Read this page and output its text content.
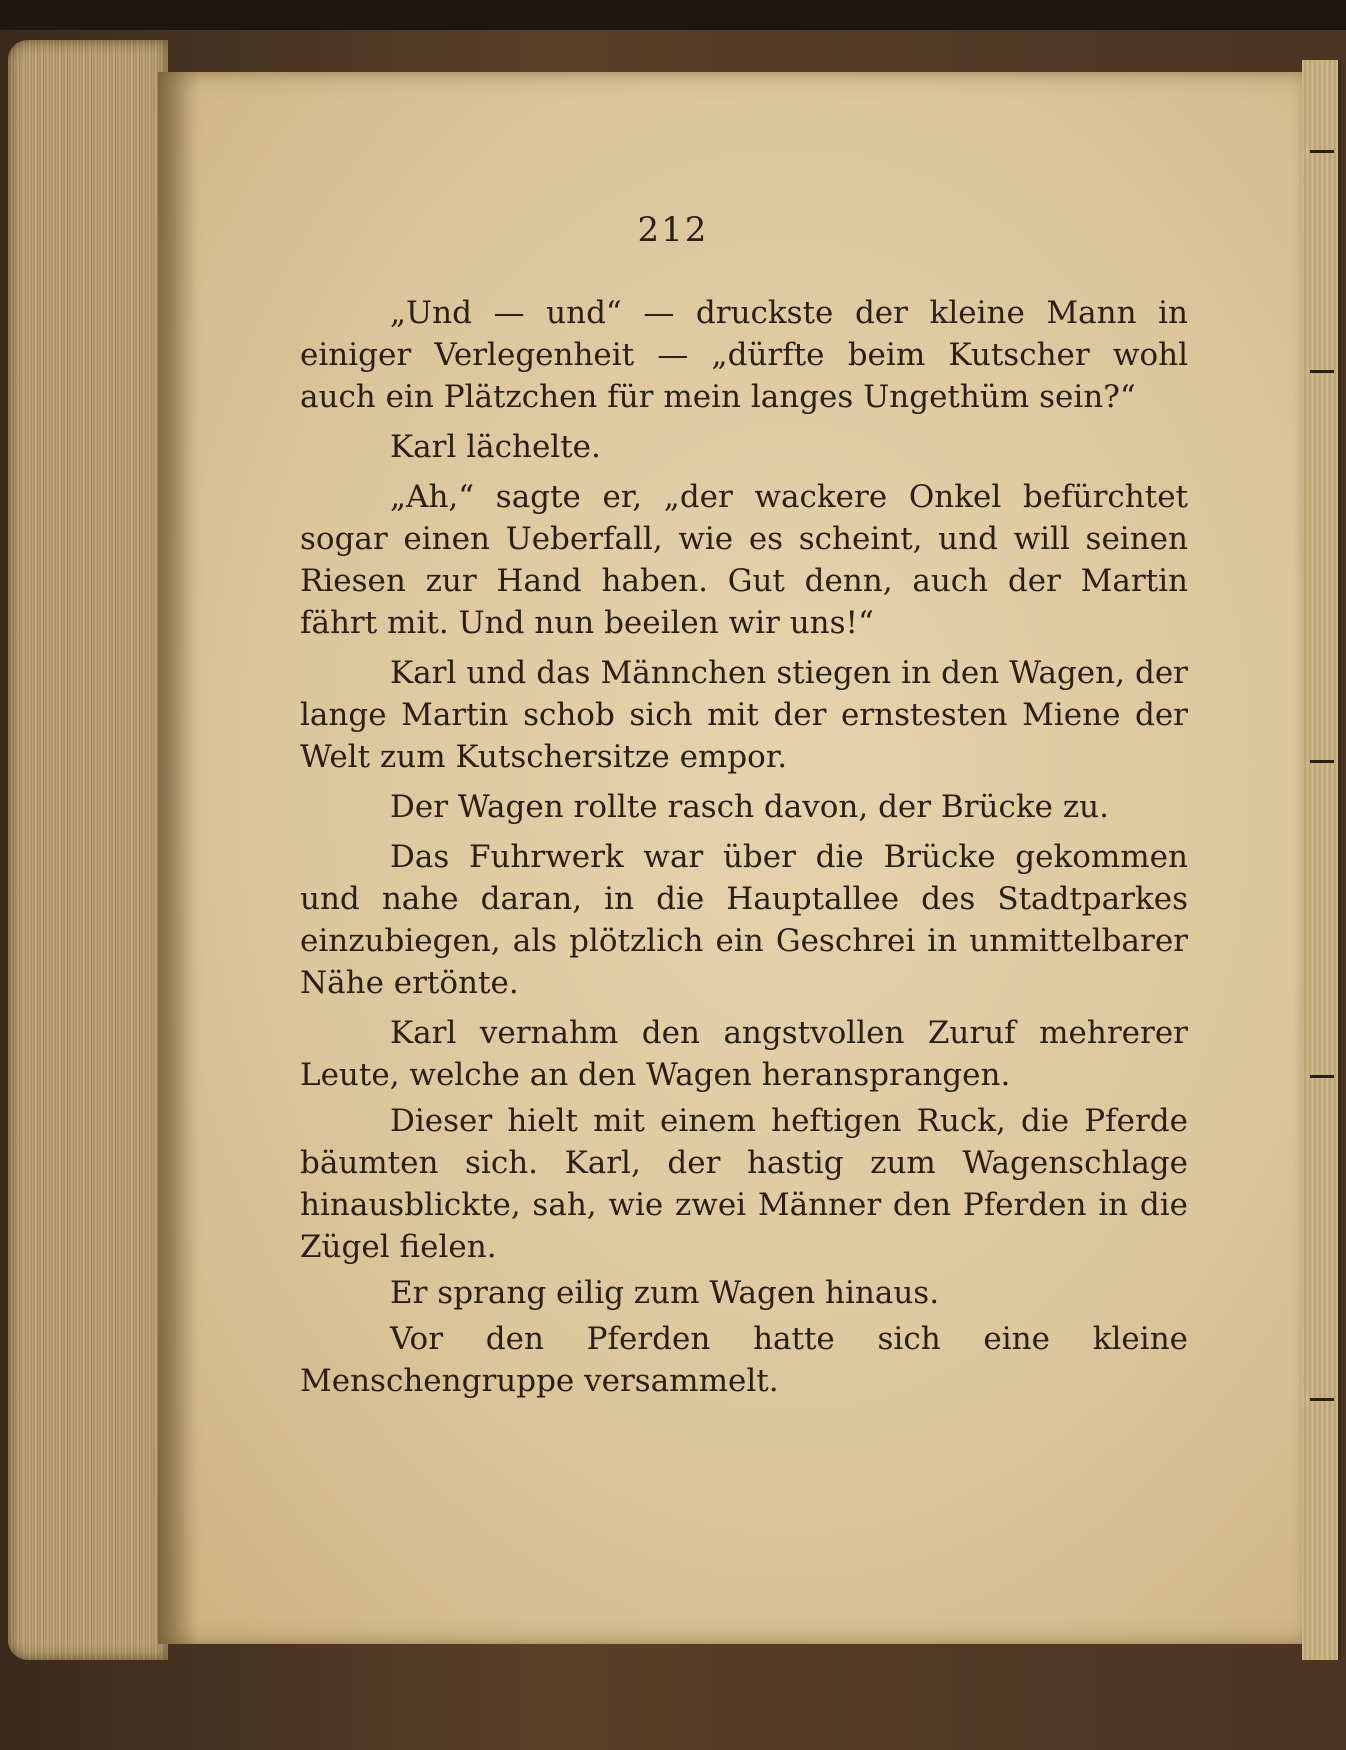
212

„Und — und“ — druckste der kleine Mann in einiger Verlegenheit — „dürfte beim Kutscher wohl auch ein Plätzchen für mein langes Ungethüm sein?“

Karl lächelte.

„Ah,“ sagte er, „der wackere Onkel befürchtet sogar einen Ueberfall, wie es scheint, und will seinen Riesen zur Hand haben. Gut denn, auch der Martin fährt mit. Und nun beeilen wir uns!“

Karl und das Männchen stiegen in den Wagen, der lange Martin schob sich mit der ernstesten Miene der Welt zum Kutschersitze empor.

Der Wagen rollte rasch davon, der Brücke zu.

Das Fuhrwerk war über die Brücke gekommen und nahe daran, in die Hauptallee des Stadtparkes einzubiegen, als plötzlich ein Geschrei in unmittelbarer Nähe ertönte.

Karl vernahm den angstvollen Zuruf mehrerer Leute, welche an den Wagen heransprangen.

Dieser hielt mit einem heftigen Ruck, die Pferde bäumten sich. Karl, der hastig zum Wagenschlage hinausblickte, sah, wie zwei Männer den Pferden in die Zügel fielen.

Er sprang eilig zum Wagen hinaus.

Vor den Pferden hatte sich eine kleine Menschengruppe versammelt.
